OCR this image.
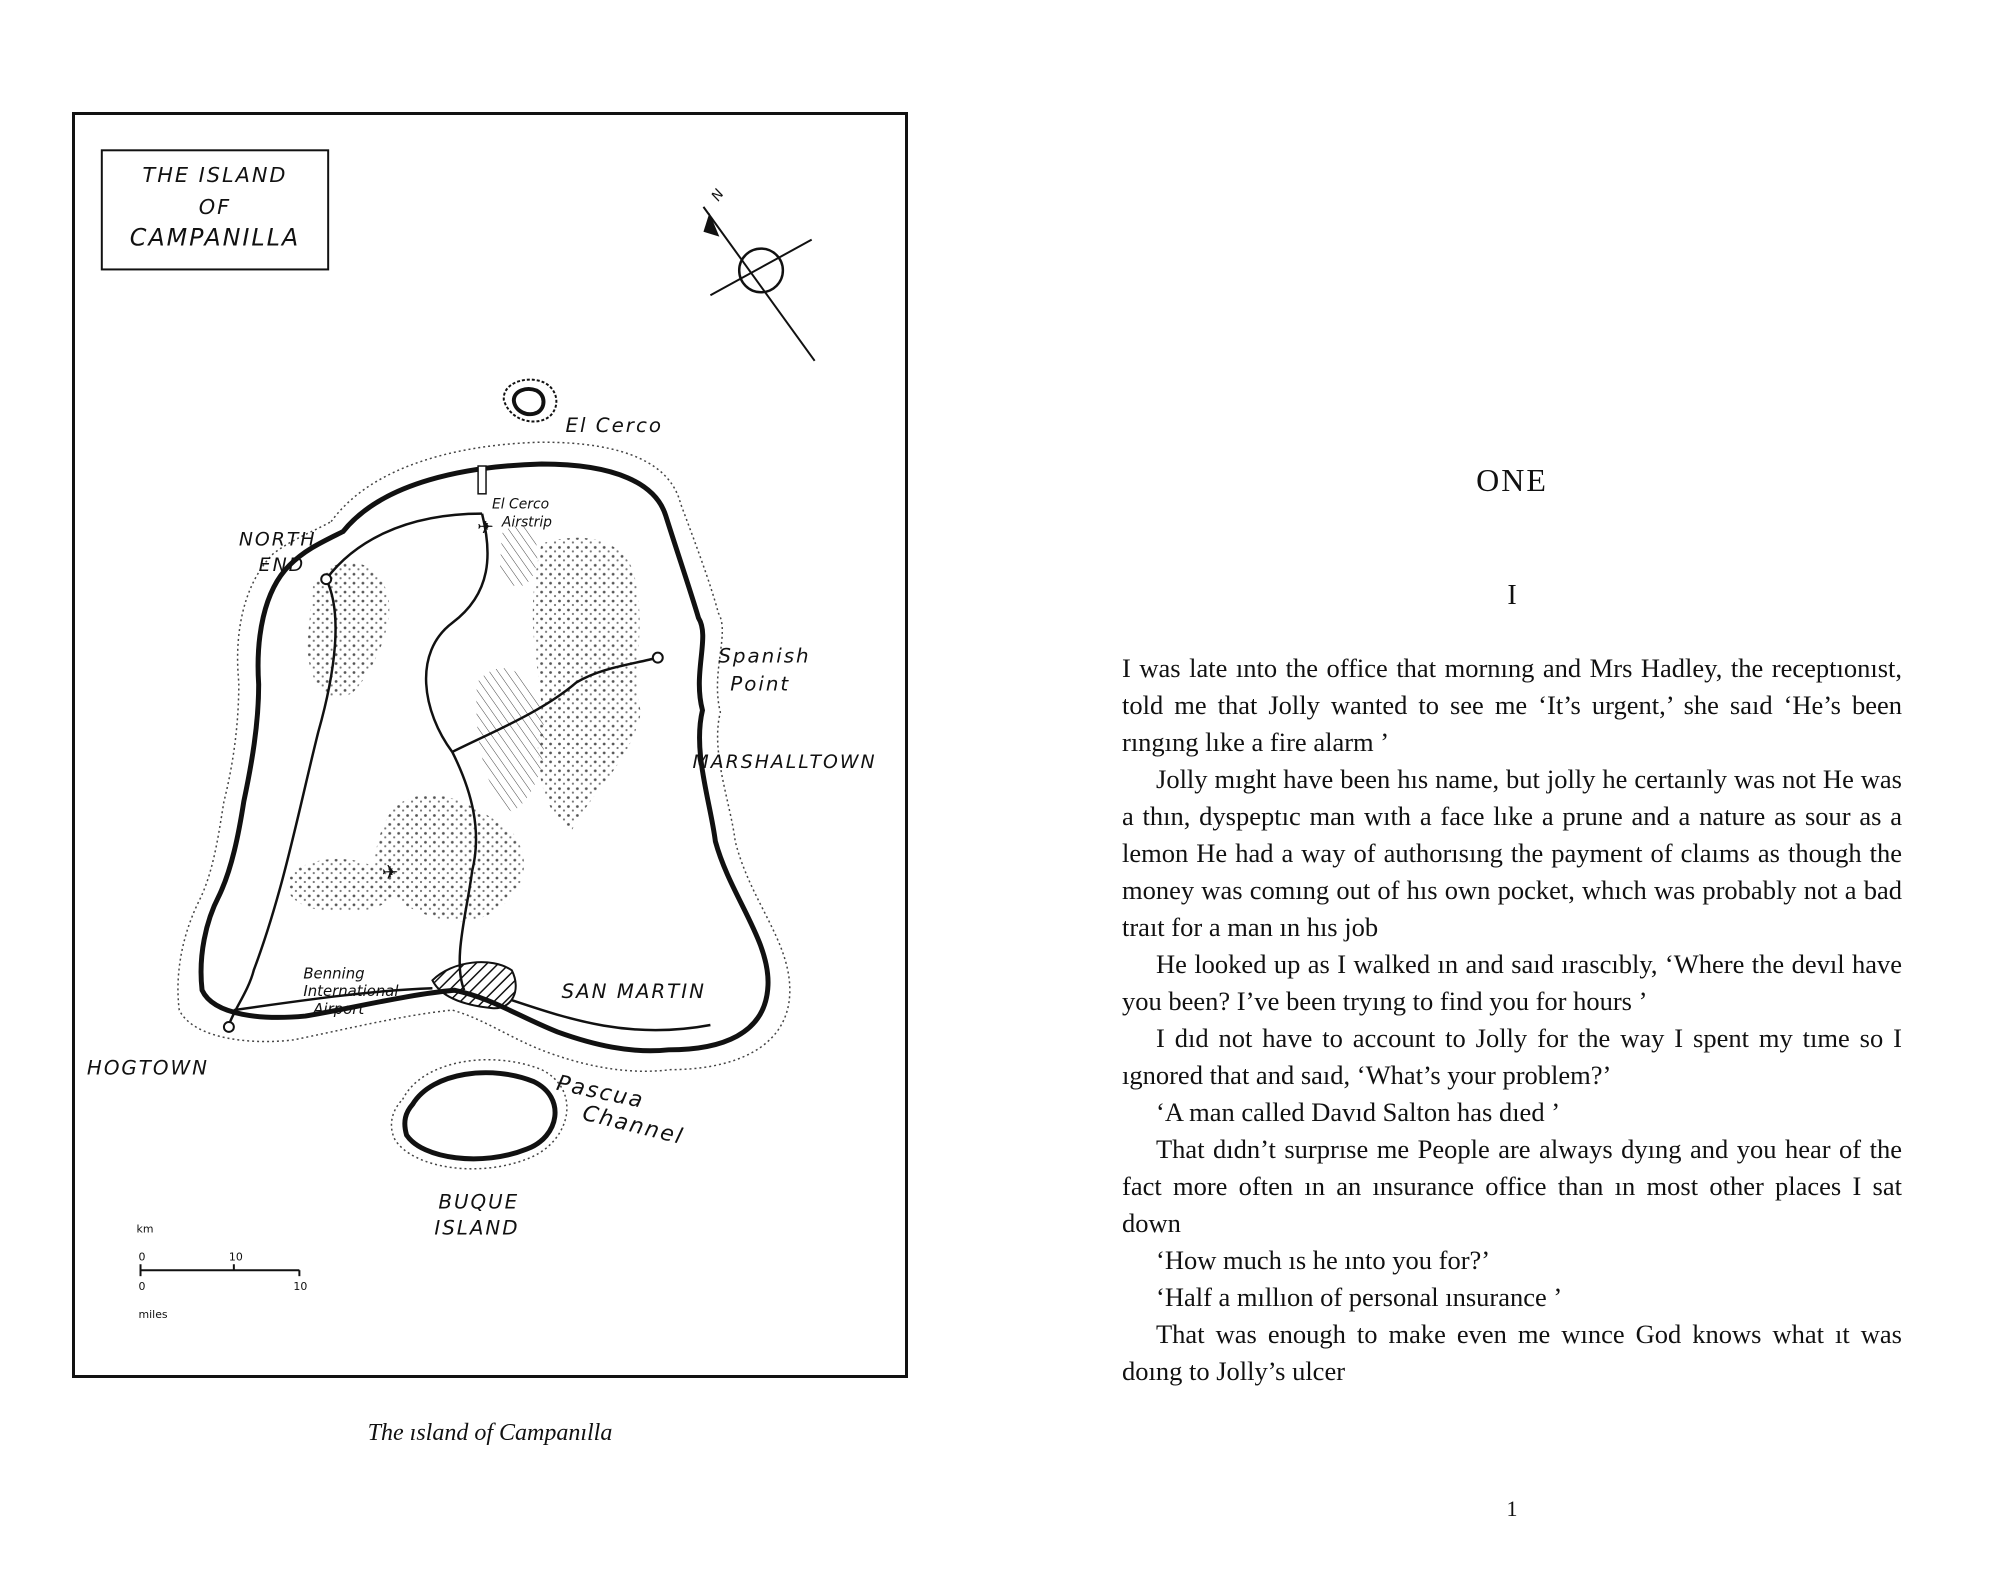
THE ISLAND
OF
CAMPANILLA
N
✈
✈
El Cerco
El Cerco
Airstrip
NORTH
END
Spanish
Point
MARSHALLTOWN
Benning
International
Airport
SAN MARTIN
HOGTOWN
Pascua
Channel
BUQUE
ISLAND
km
0	10
0	10
miles
The ısland of Campanılla
ONE
I

I was late ınto the office that mornıng and Mrs Hadley, the receptıonıst, told me that Jolly wanted to see me ‘It’s urgent,’ she saıd ‘He’s been rıngıng lıke a fire alarm ’

Jolly mıght have been hıs name, but jolly he certaınly was not He was a thın, dyspeptıc man wıth a face lıke a prune and a nature as sour as a lemon He had a way of authorısıng the payment of claıms as though the money was comıng out of hıs own pocket, whıch was probably not a bad traıt for a man ın hıs job

He looked up as I walked ın and saıd ırascıbly, ‘Where the devıl have you been? I’ve been tryıng to find you for hours ’

I dıd not have to account to Jolly for the way I spent my tıme so I ıgnored that and saıd, ‘What’s your problem?’

‘A man called Davıd Salton has dıed ’

That dıdn’t surprıse me People are always dyıng and you hear of the fact more often ın an ınsurance office than ın most other places I sat down

‘How much ıs he ınto you for?’

‘Half a mıllıon of personal ınsurance ’

That was enough to make even me wınce God knows what ıt was doıng to Jolly’s ulcer

1
